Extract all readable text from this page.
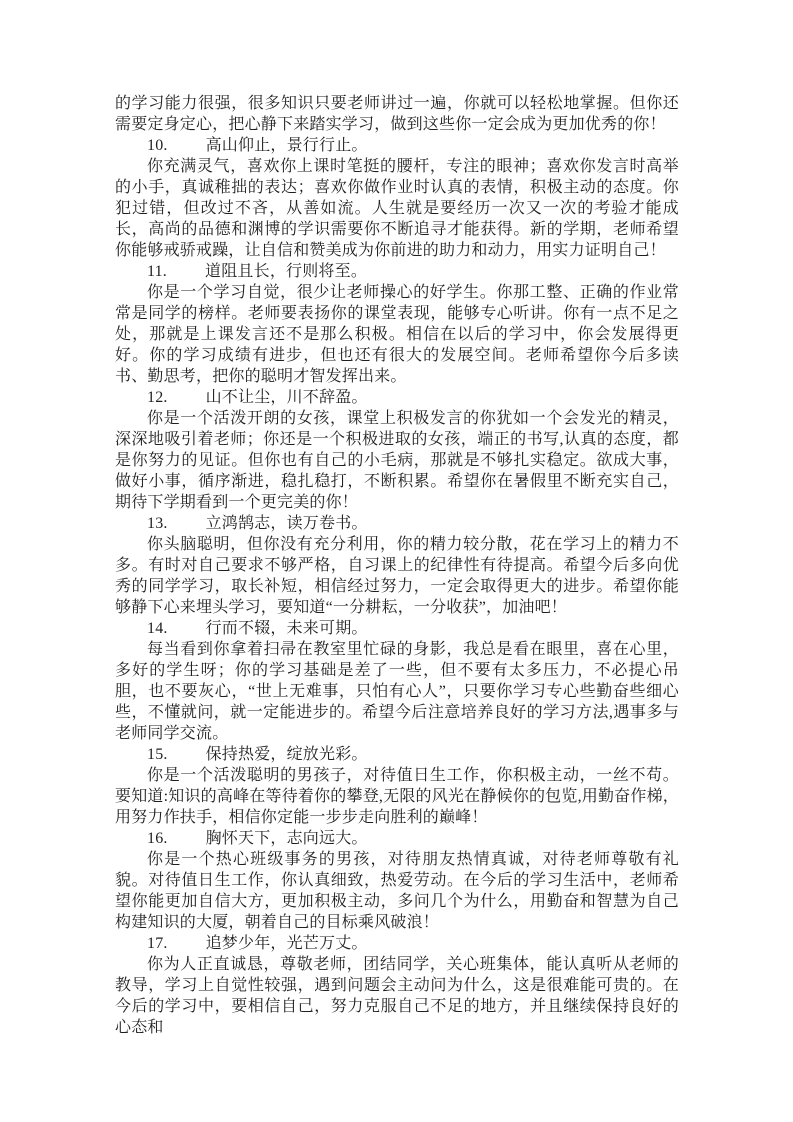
的学习能力很强，很多知识只要老师讲过一遍，你就可以轻松地掌握。但你还需要定身定心，把心静下来踏实学习，做到这些你一定会成为更加优秀的你！

10. 高山仰止，景行行止。

你充满灵气，喜欢你上课时笔挺的腰杆，专注的眼神；喜欢你发言时高举的小手，真诚稚拙的表达；喜欢你做作业时认真的表情，积极主动的态度。你犯过错，但改过不吝，从善如流。人生就是要经历一次又一次的考验才能成长，高尚的品德和渊博的学识需要你不断追寻才能获得。新的学期，老师希望你能够戒骄戒躁，让自信和赞美成为你前进的助力和动力，用实力证明自己！

11. 道阻且长，行则将至。

你是一个学习自觉，很少让老师操心的好学生。你那工整、正确的作业常常是同学的榜样。老师要表扬你的课堂表现，能够专心听讲。你有一点不足之处，那就是上课发言还不是那么积极。相信在以后的学习中，你会发展得更好。你的学习成绩有进步，但也还有很大的发展空间。老师希望你今后多读书、勤思考，把你的聪明才智发挥出来。

12. 山不让尘，川不辞盈。

你是一个活泼开朗的女孩，课堂上积极发言的你犹如一个会发光的精灵，深深地吸引着老师；你还是一个积极进取的女孩，端正的书写,认真的态度，都是你努力的见证。但你也有自己的小毛病，那就是不够扎实稳定。欲成大事，做好小事，循序渐进，稳扎稳打，不断积累。希望你在暑假里不断充实自己，期待下学期看到一个更完美的你！

13. 立鸿鹄志，读万卷书。

你头脑聪明，但你没有充分利用，你的精力较分散，花在学习上的精力不多。有时对自己要求不够严格，自习课上的纪律性有待提高。希望今后多向优秀的同学学习，取长补短，相信经过努力，一定会取得更大的进步。希望你能够静下心来埋头学习，要知道“一分耕耘，一分收获”，加油吧！

14. 行而不辍，未来可期。

每当看到你拿着扫帚在教室里忙碌的身影，我总是看在眼里，喜在心里，多好的学生呀；你的学习基础是差了一些，但不要有太多压力，不必提心吊胆，也不要灰心，“世上无难事，只怕有心人”，只要你学习专心些勤奋些细心些，不懂就问，就一定能进步的。希望今后注意培养良好的学习方法,遇事多与老师同学交流。

15. 保持热爱，绽放光彩。

你是一个活泼聪明的男孩子，对待值日生工作，你积极主动，一丝不苟。要知道:知识的高峰在等待着你的攀登,无限的风光在静候你的包览,用勤奋作梯，用努力作扶手，相信你定能一步步走向胜利的巅峰！

16. 胸怀天下，志向远大。

你是一个热心班级事务的男孩，对待朋友热情真诚，对待老师尊敬有礼貌。对待值日生工作，你认真细致，热爱劳动。在今后的学习生活中，老师希望你能更加自信大方，更加积极主动，多问几个为什么，用勤奋和智慧为自己构建知识的大厦，朝着自己的目标乘风破浪！

17. 追梦少年，光芒万丈。

你为人正直诚恳，尊敬老师，团结同学，关心班集体，能认真听从老师的教导，学习上自觉性较强，遇到问题会主动问为什么，这是很难能可贵的。在今后的学习中，要相信自己，努力克服自己不足的地方，并且继续保持良好的心态和
